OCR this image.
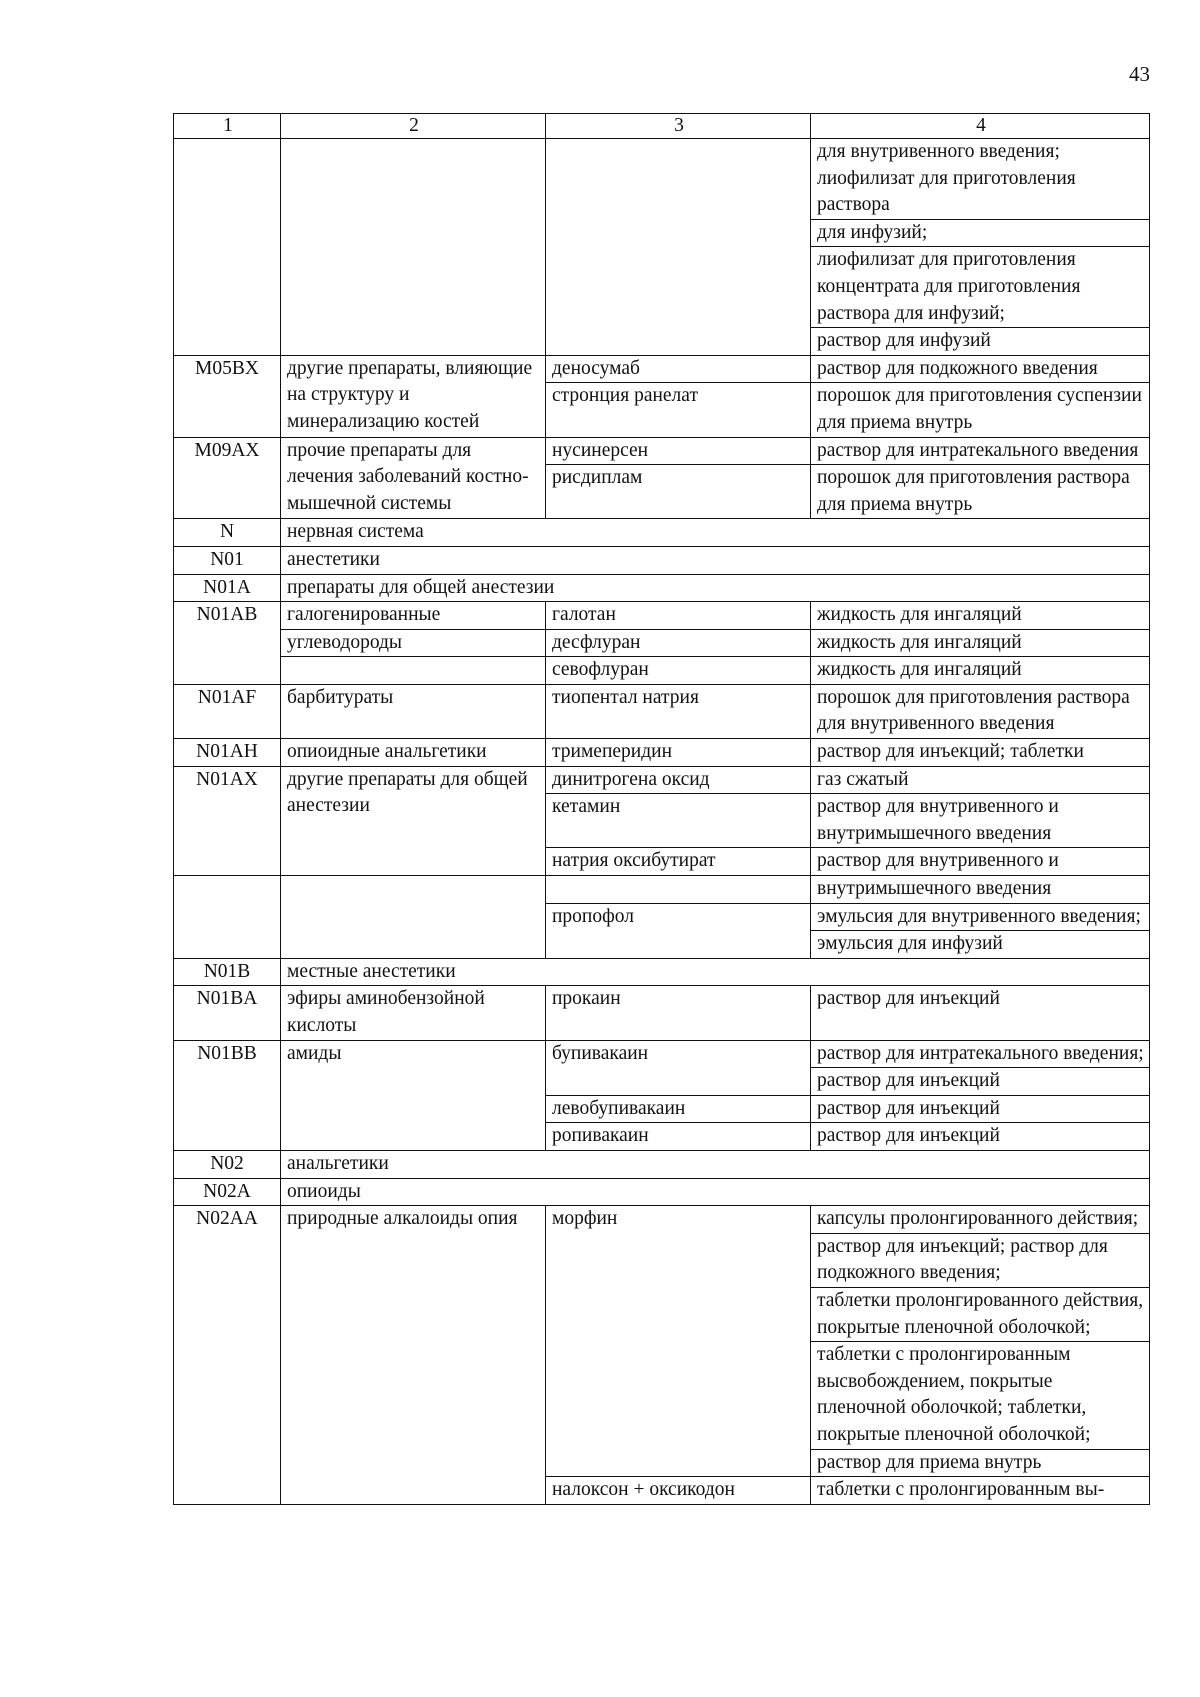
43
1	2	3	4
			для внутривенного введения; лиофилизат для приготовления раствора
			для инфузий;
			лиофилизат для приготовления концентрата для приготовления раствора для инфузий;
			раствор для инфузий
M05BX	другие препараты, влияющие на структуру и минерализацию костей	деносумаб	раствор для подкожного введения
		стронция ранелат	порошок для приготовления суспензии для приема внутрь
M09AX	прочие препараты для лечения заболеваний костно-мышечной системы	нусинерсен	раствор для интратекального введения
		рисдиплам	порошок для приготовления раствора для приема внутрь
N	нервная система		
N01	анестетики		
N01A	препараты для общей анестезии		
N01AB	галогенированные	галотан	жидкость для ингаляций
	углеводороды	десфлуран	жидкость для ингаляций
		севофлуран	жидкость для ингаляций
N01AF	барбитураты	тиопентал натрия	порошок для приготовления раствора для внутривенного введения
N01AH	опиоидные анальгетики	тримеперидин	раствор для инъекций; таблетки
N01AX	другие препараты для общей анестезии	динитрогена оксид	газ сжатый
		кетамин	раствор для внутривенного и внутримышечного введения
		натрия оксибутират	раствор для внутривенного и
			внутримышечного введения
		пропофол	эмульсия для внутривенного введения;
			эмульсия для инфузий
N01B	местные анестетики		
N01BA	эфиры аминобензойной кислоты	прокаин	раствор для инъекций
N01BB	амиды	бупивакаин	раствор для интратекального введения;
			раствор для инъекций
		левобупивакаин	раствор для инъекций
		ропивакаин	раствор для инъекций
N02	анальгетики		
N02A	опиоиды		
N02AA	природные алкалоиды опия	морфин	капсулы пролонгированного действия;
			раствор для инъекций; раствор для подкожного введения;
			таблетки пролонгированного действия, покрытые пленочной оболочкой;
			таблетки с пролонгированным высвобождением, покрытые пленочной оболочкой; таблетки, покрытые пленочной оболочкой;
			раствор для приема внутрь
		налоксон + оксикодон	таблетки с пролонгированным вы-
